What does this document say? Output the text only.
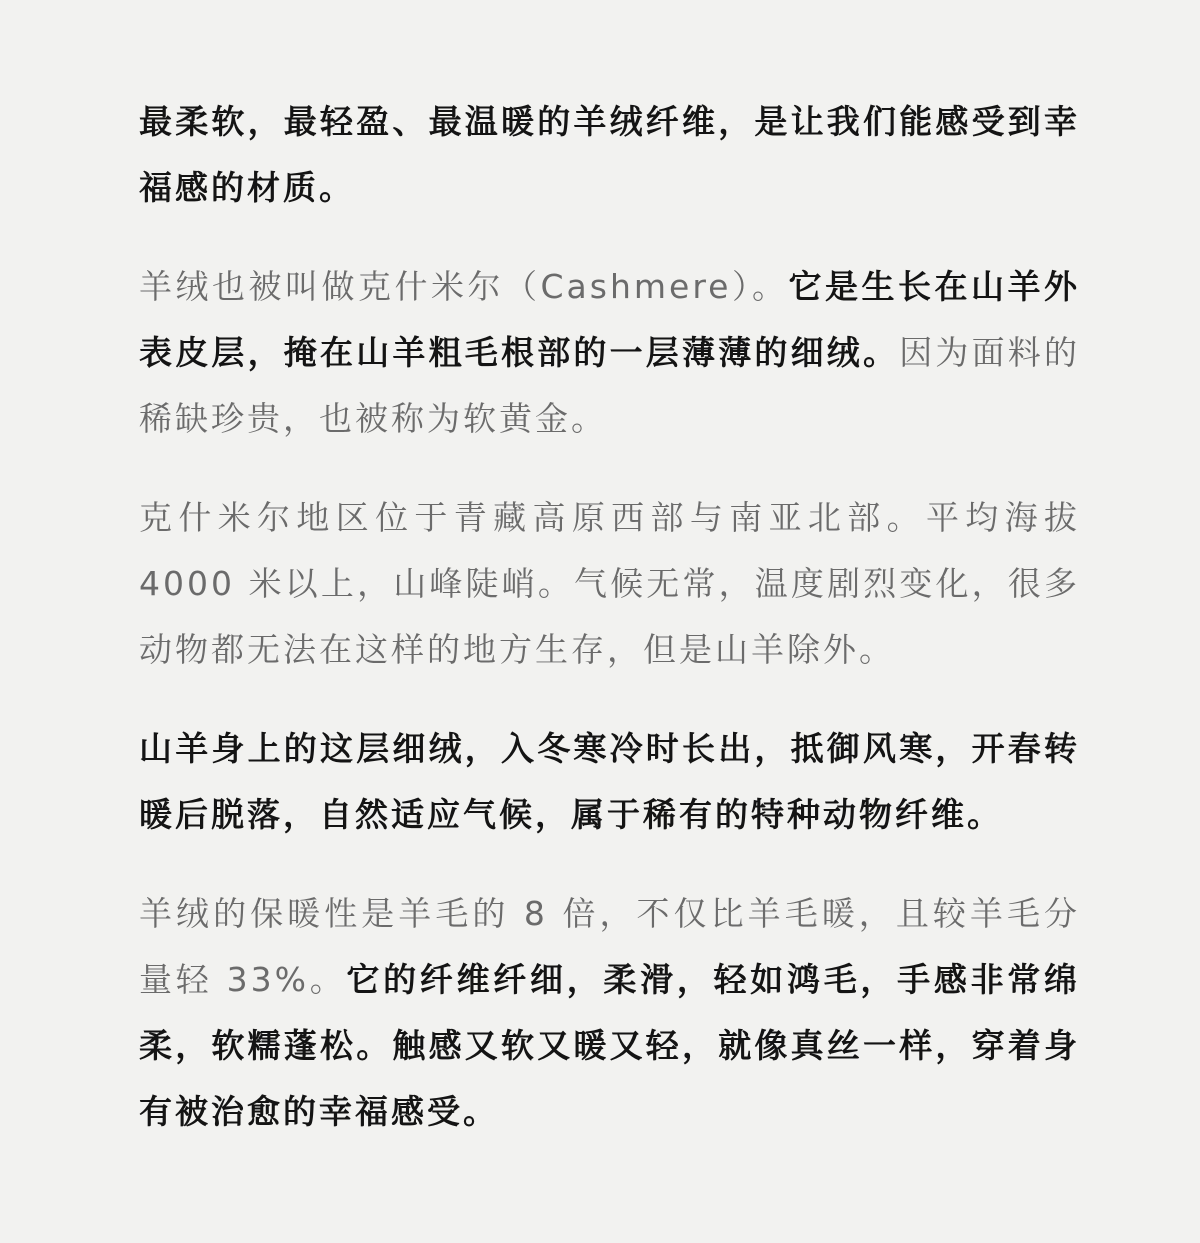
最柔软，最轻盈、最温暖的羊绒纤维，是让我们能感受到幸福感的材质。

羊绒也被叫做克什米尔（Cashmere）。它是生长在山羊外表皮层，掩在山羊粗毛根部的一层薄薄的细绒。因为面料的稀缺珍贵，也被称为软黄金。

克什米尔地区位于青藏高原西部与南亚北部。平均海拔4000 米以上，山峰陡峭。气候无常，温度剧烈变化，很多动物都无法在这样的地方生存，但是山羊除外。

山羊身上的这层细绒，入冬寒冷时长出，抵御风寒，开春转暖后脱落，自然适应气候，属于稀有的特种动物纤维。

羊绒的保暖性是羊毛的 8 倍，不仅比羊毛暖，且较羊毛分量轻 33%。它的纤维纤细，柔滑，轻如鸿毛，手感非常绵柔，软糯蓬松。触感又软又暖又轻，就像真丝一样，穿着身有被治愈的幸福感受。
